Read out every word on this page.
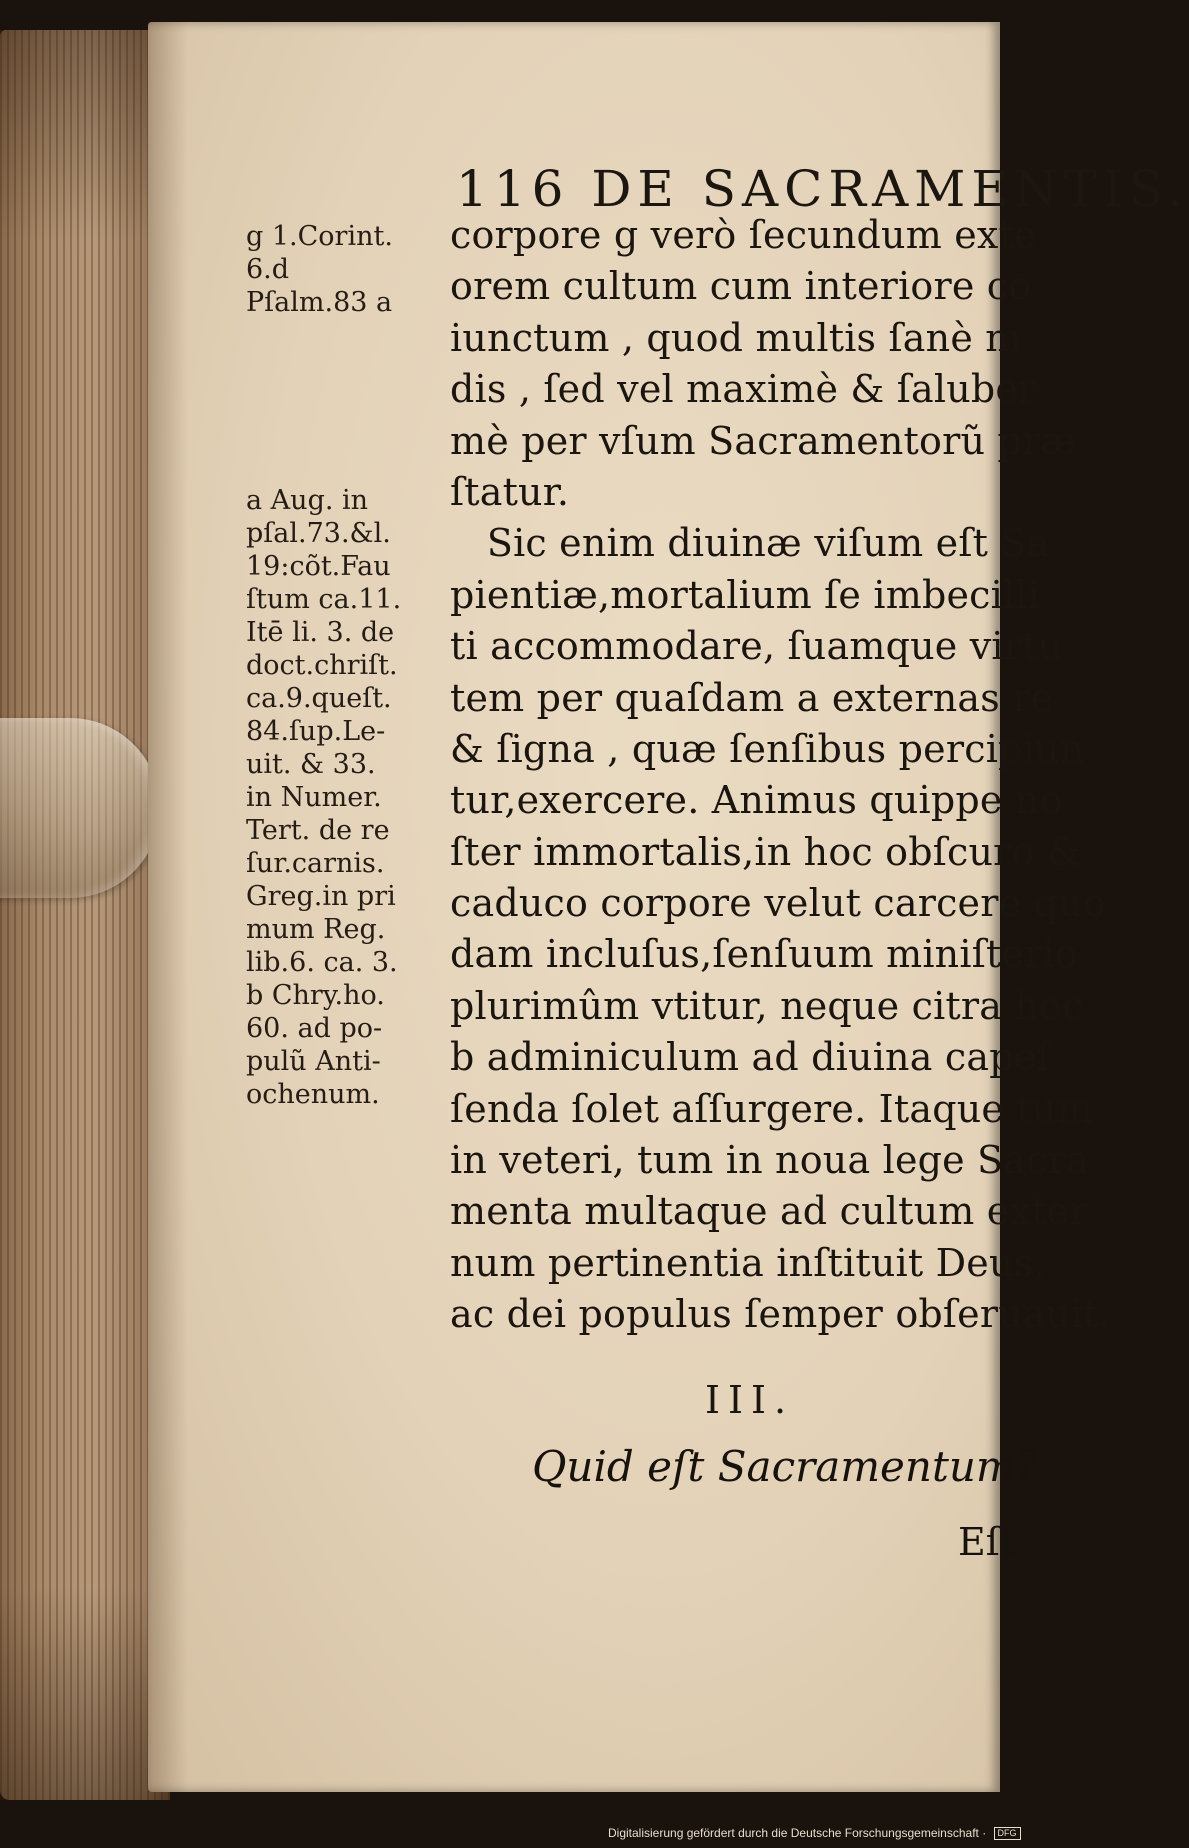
116 DE SACRAMENTIS.
g 1.Corint.
6.d
Pſalm.83 a
a Aug. in
pſal.73.&l.
19:cõt.Fau
ſtum ca.11.
Itē li. 3. de
doct.chriſt.
ca.9.queſt.
84.ſup.Le-
uit. & 33.
in Numer.
Tert. de re
ſur.carnis.
Greg.in pri
mum Reg.
lib.6. ca. 3.
b Chry.ho.
60. ad po-
pulũ Anti-
ochenum.
corpore g verò ſecundum exte
orem cultum cum interiore co
iunctum , quod multis ſanè m
dis , ſed vel maximè & ſaluber
mè per vſum Sacramentorũ præ
ſtatur.
Sic enim diuinæ viſum eſt Sa
pientiæ,mortalium ſe imbecilli
ti accommodare, ſuamque virtu
tem per quaſdam a externas re
& ſigna , quæ ſenſibus percipiun
tur,exercere. Animus quippe no
ſter immortalis,in hoc obſcuro &
caduco corpore velut carcere quo
dam incluſus,ſenſuum miniſterio
plurimûm vtitur, neque citra hoc
b adminiculum ad diuina capeſ
ſenda ſolet aſſurgere. Itaque tum
in veteri, tum in noua lege Sacra
menta multaque ad cultum exter
num pertinentia inſtituit Deus,
ac dei populus ſemper obſeruauit.
III.
Quid eſt Sacramentum?
Eſt
Digitalisierung gefördert durch die Deutsche Forschungsgemeinschaft · DFG
